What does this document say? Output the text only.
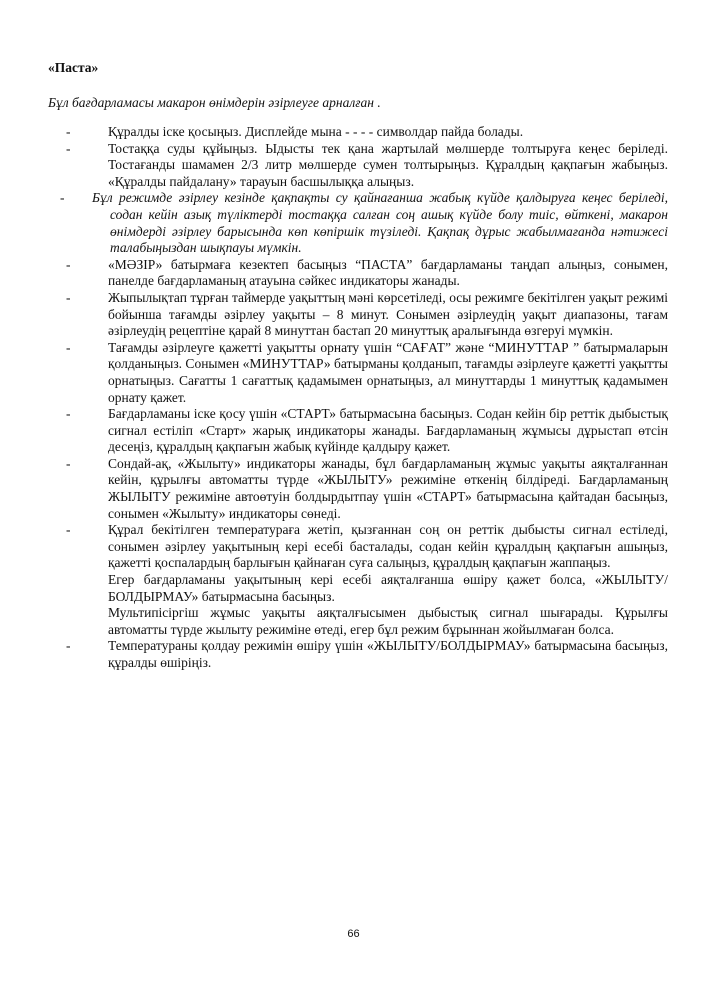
«Паста»

Бұл бағдарламасы макарон өнімдерін әзірлеуге арналған .

-	Құралды іске қосыңыз. Дисплейде мына - - - - символдар пайда болады.

-	Тостаққа суды құйыңыз. Ыдысты тек қана жартылай мөлшерде толтыруға кеңес беріледі. Тостағанды шамамен 2/3 литр мөлшерде сумен толтырыңыз. Құралдың қақпағын жабыңыз. «Құралды пайдалану» тарауын басшылыққа алыңыз.

- Бұл режимде әзірлеу кезінде қақпақты су қайнағанша жабық күйде қалдыруға кеңес беріледі, содан кейін азық түліктерді тостаққа салған соң ашық күйде болу тиіс, өйткені, макарон өнімдерді әзірлеу барысында көп көпіршік түзіледі. Қақпақ дұрыс жабылмағанда нәтижесі талабыңыздан шықпауы мүмкін.

-	«МӘЗІР» батырмаға кезектеп басыңыз “ПАСТА” бағдарламаны таңдап алыңыз, сонымен, панелде бағдарламаның атауына сәйкес индикаторы жанады.

-	Жыпылықтап тұрған таймерде уақыттың мәні көрсетіледі, осы режимге бекітілген уақыт режимі бойынша тағамды әзірлеу уақыты – 8 минут. Сонымен әзірлеудің уақыт диапазоны, тағам әзірлеудің рецептіне қарай 8 минуттан бастап 20 минуттық аралығында өзгеруі мүмкін.

-	Тағамды әзірлеуге қажетті уақытты орнату үшін “САҒАТ” және “МИНУТТАР ” батырмаларын қолданыңыз. Сонымен «МИНУТТАР» батырманы қолданып, тағамды әзірлеуге қажетті уақытты орнатыңыз. Сағатты 1 сағаттық қадамымен орнатыңыз, ал минуттарды 1 минуттық қадамымен орнату қажет.

-	Бағдарламаны іске қосу үшін «СТАРТ» батырмасына басыңыз. Содан кейін бір реттік дыбыстық сигнал естіліп «Старт» жарық индикаторы жанады. Бағдарламаның жұмысы дұрыстап өтсін десеңіз, құралдың қақпағын жабық күйінде қалдыру қажет.

-	Сондай-ақ, «Жылыту» индикаторы жанады, бұл бағдарламаның жұмыс уақыты аяқталғаннан кейін, құрылғы автоматты түрде «ЖЫЛЫТУ» режиміне өткенің білдіреді. Бағдарламаның ЖЫЛЫТУ режиміне автоөтуін болдырдытпау үшін «СТАРТ» батырмасына қайтадан басыңыз, сонымен «Жылыту» индикаторы сөнеді.

-	Құрал бекітілген температураға жетіп, қызғаннан соң он реттік дыбысты сигнал естіледі, сонымен әзірлеу уақытының кері есебі басталады, содан кейін құралдың қақпағын ашыңыз, қажетті қоспалардың барлығын қайнаған суға салыңыз, құралдың қақпағын жаппаңыз.

Егер бағдарламаны уақытының кері есебі аяқталғанша өшіру қажет болса, «ЖЫЛЫТУ/БОЛДЫРМАУ» батырмасына басыңыз.

Мультипісіргіш жұмыс уақыты аяқталғысымен дыбыстық сигнал шығарады. Құрылғы автоматты түрде жылыту режиміне өтеді, егер бұл режим бұрыннан жойылмаған болса.

-	Температураны қолдау режимін өшіру үшін «ЖЫЛЫТУ/БОЛДЫРМАУ» батырмасына басыңыз, құралды өшіріңіз.

66
